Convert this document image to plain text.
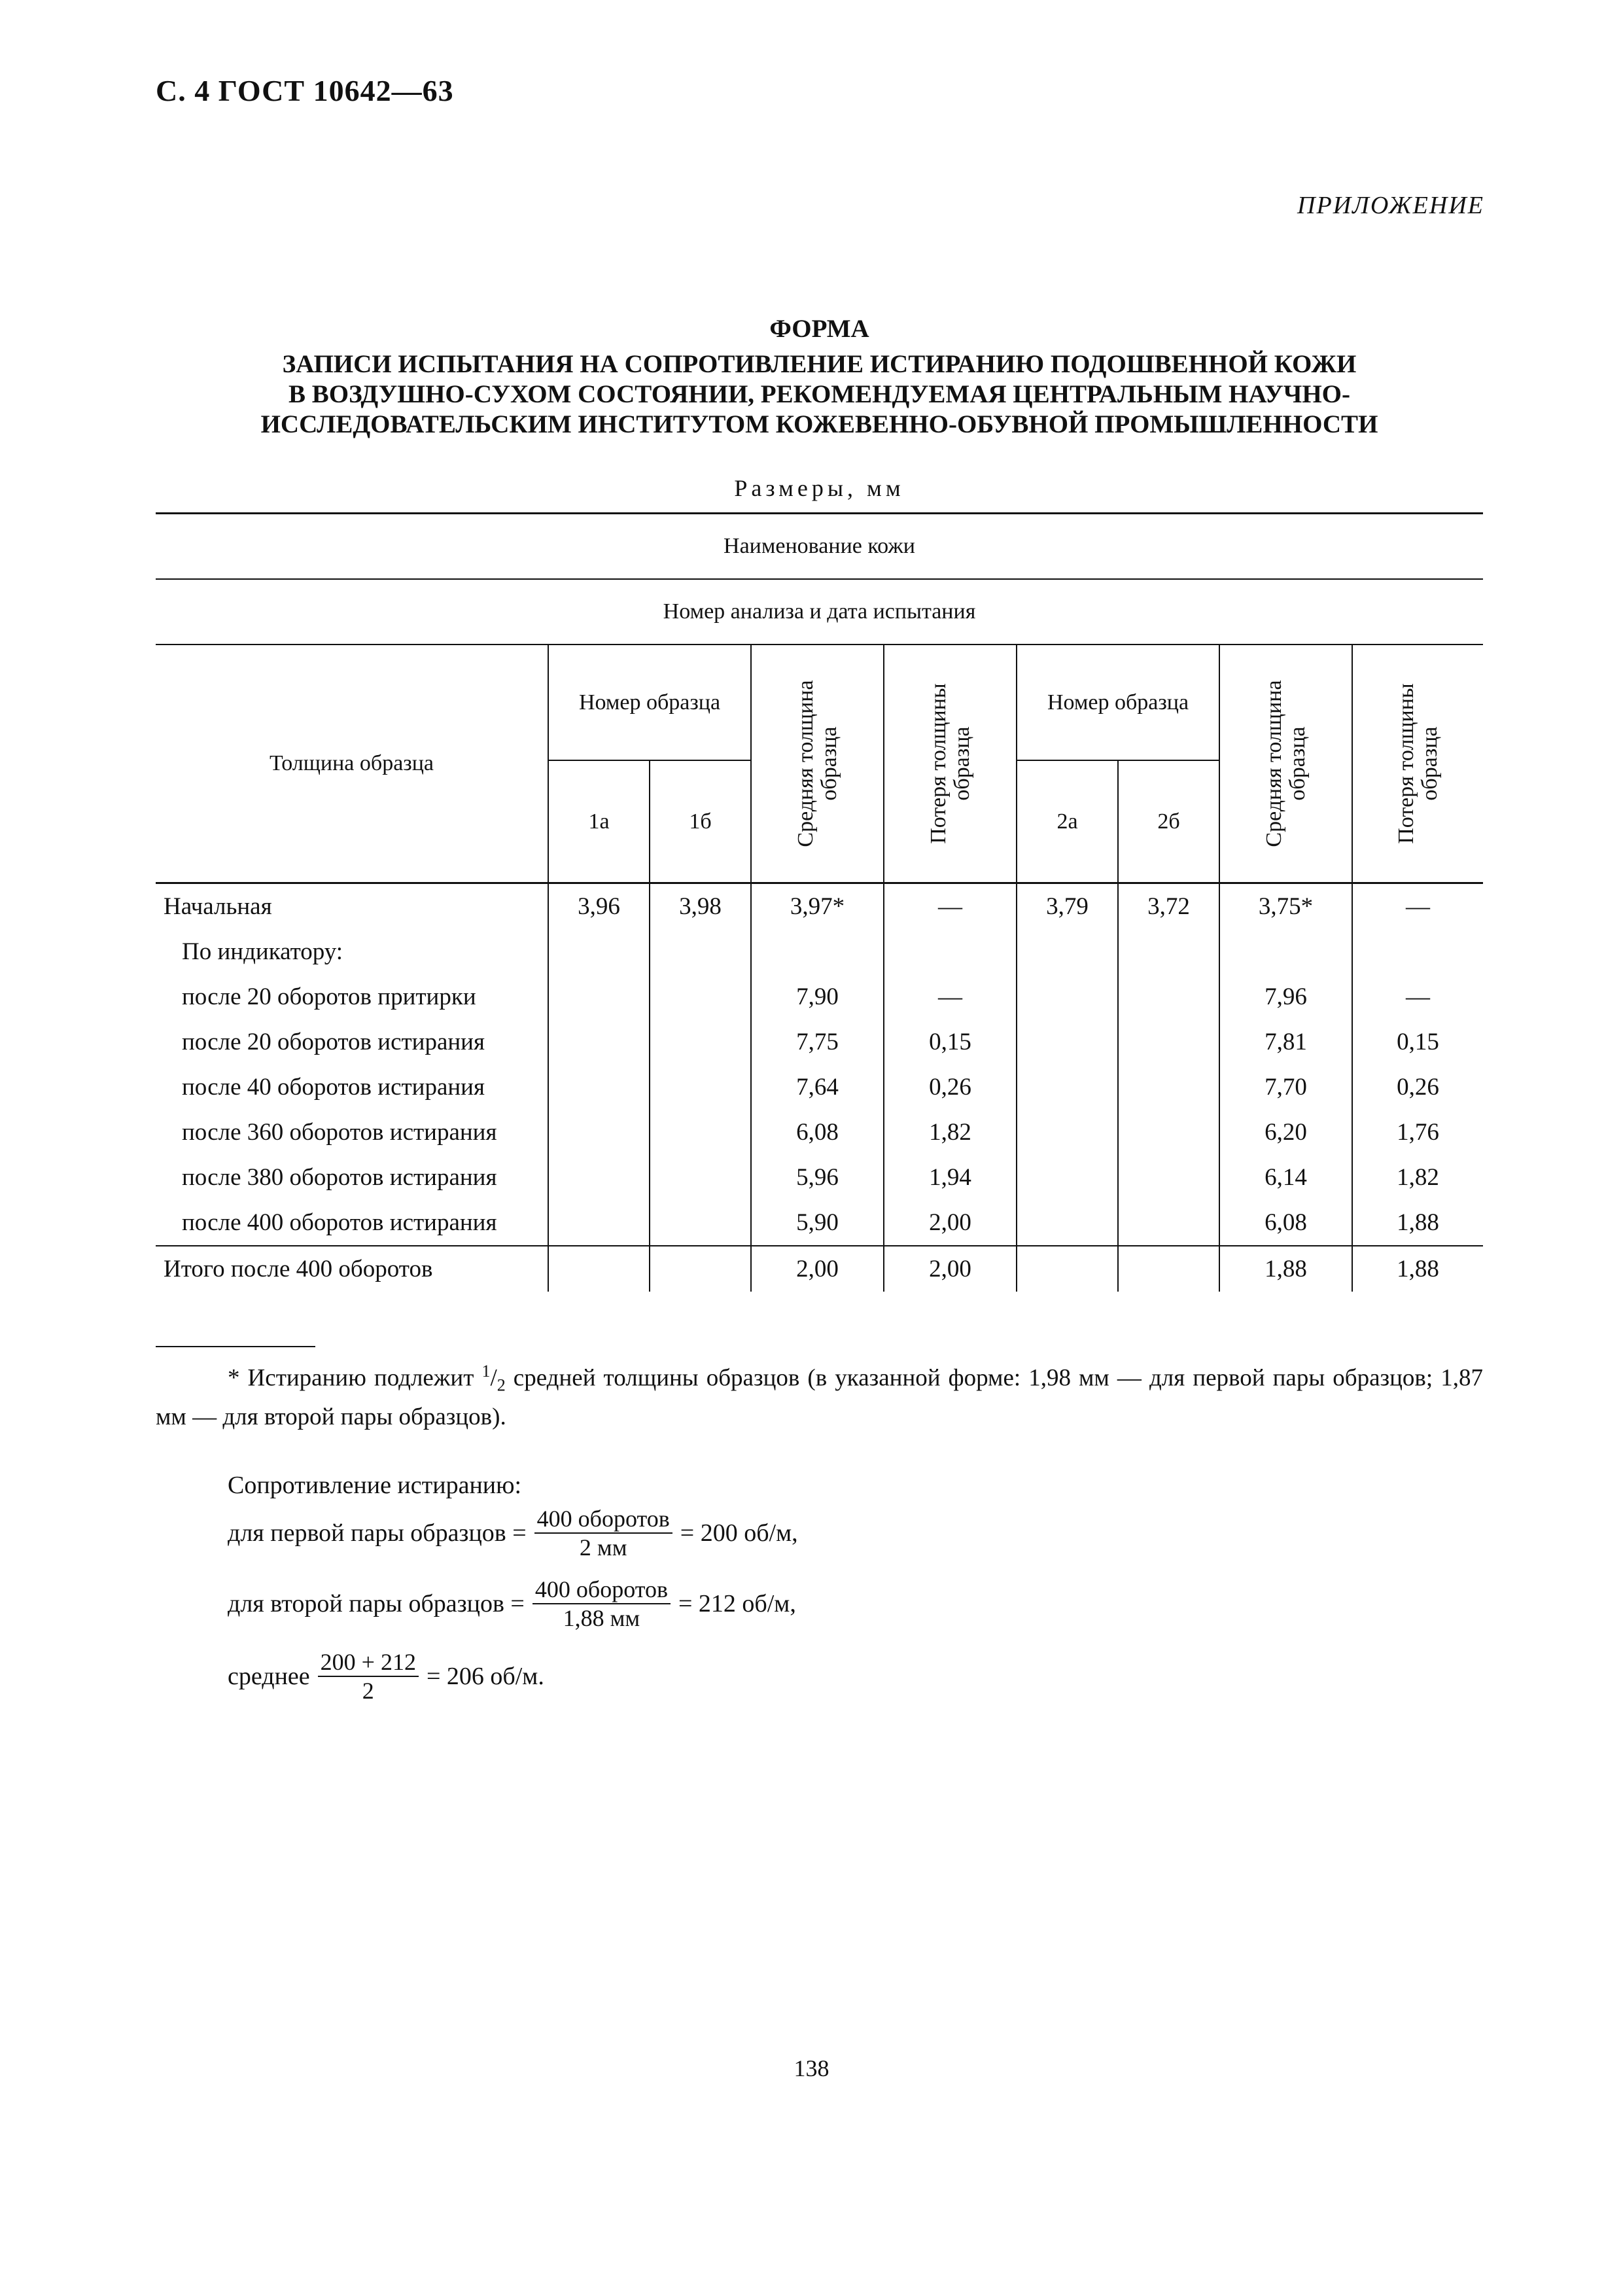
С. 4 ГОСТ 10642—63
ПРИЛОЖЕНИЕ
ФОРМА
ЗАПИСИ ИСПЫТАНИЯ НА СОПРОТИВЛЕНИЕ ИСТИРАНИЮ ПОДОШВЕННОЙ КОЖИ
В ВОЗДУШНО-СУХОМ СОСТОЯНИИ, РЕКОМЕНДУЕМАЯ ЦЕНТРАЛЬНЫМ НАУЧНО-
ИССЛЕДОВАТЕЛЬСКИМ ИНСТИТУТОМ КОЖЕВЕННО-ОБУВНОЙ ПРОМЫШЛЕННОСТИ
Размеры, мм
Наименование кожи								
Номер анализа и дата испытания								
Толщина образца	Номер образца		Средняя толщина образца	Потеря толщины образца	Номер образца		Средняя толщина образца	Потеря толщины образца

	1а	1б			2а	2б		
Начальная	3,96	3,98	3,97*	—	3,79	3,72	3,75*	—
По индикатору:								
после 20 оборотов притирки			7,90	—			7,96	—
после 20 оборотов истирания			7,75	0,15			7,81	0,15
после 40 оборотов истирания			7,64	0,26			7,70	0,26
после 360 оборотов истирания			6,08	1,82			6,20	1,76
после 380 оборотов истирания			5,96	1,94			6,14	1,82
после 400 оборотов истирания			5,90	2,00			6,08	1,88
Итого после 400 оборотов			2,00	2,00			1,88	1,88
* Истиранию подлежит $^1/_2$ средней толщины образцов (в указанной форме: 1,98 мм — для первой пары образцов; 1,87 мм — для второй пары образцов).
Сопротивление истиранию:
для первой пары образцов = $\frac{\text{400 оборотов}}{2 мм} = 200$ об/м,
для второй пары образцов = $\frac{\text{400 оборотов}}{1,88 мм} = 212$ об/м,
среднее $\frac{200 + 212}{2} = 206$ об/м.
138
